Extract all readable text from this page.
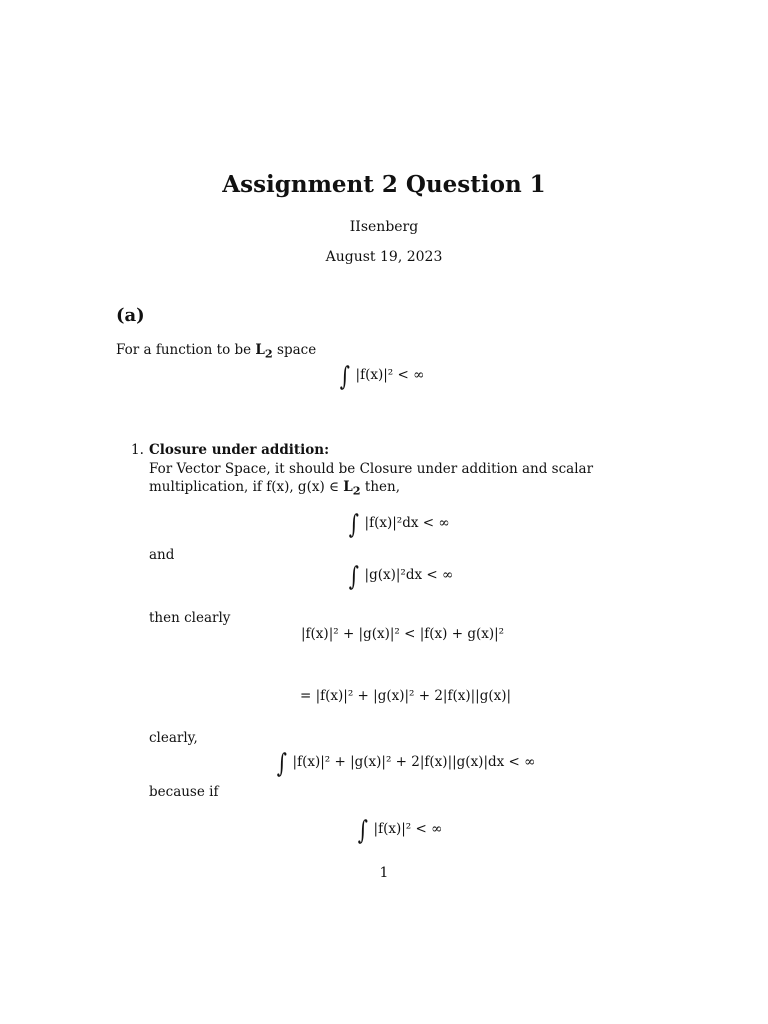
Assignment 2 Question 1
IIsenberg
August 19, 2023
(a)
For a function to be $L_2$ space
∫ |f(x)|² < ∞
1. Closure under addition:
For Vector Space, it should be Closure under addition and scalar
multiplication, if f(x), g(x) ∈ $L_2$ then,
∫ |f(x)|²dx < ∞
and
∫ |g(x)|²dx < ∞
then clearly
|f(x)|² + |g(x)|² < |f(x) + g(x)|²
= |f(x)|² + |g(x)|² + 2|f(x)||g(x)|
clearly,
∫ |f(x)|² + |g(x)|² + 2|f(x)||g(x)|dx < ∞
because if
∫ |f(x)|² < ∞
1
